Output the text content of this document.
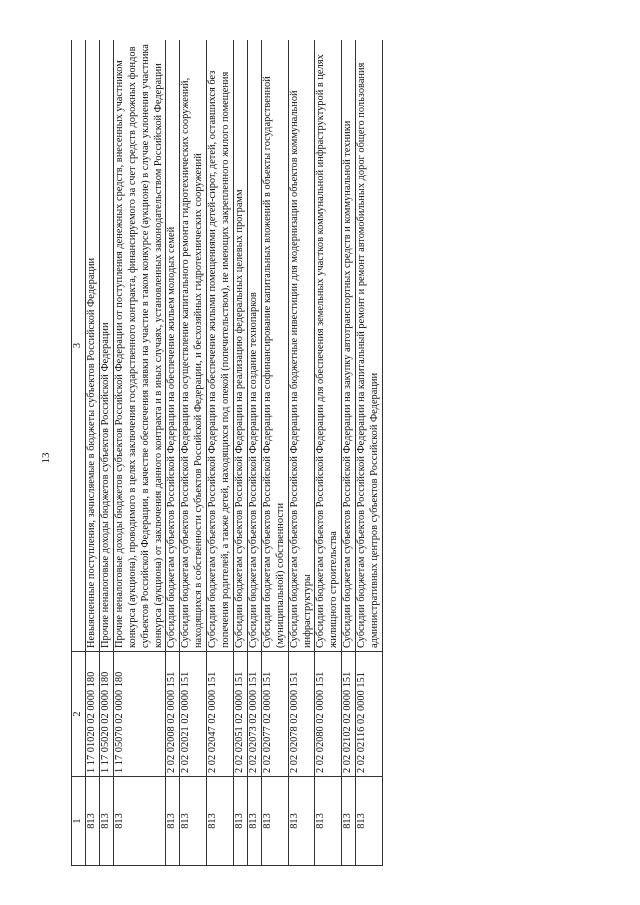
13
1	2	3
813	1 17 01020 02 0000 180	Невыясненные поступления, зачисляемые в бюджеты субъектов Российской Федерации
813	1 17 05020 02 0000 180	Прочие неналоговые доходы бюджетов субъектов Российской Федерации
813	1 17 05070 02 0000 180	Прочие неналоговые доходы бюджетов субъектов Российской Федерации от поступления денежных средств, внесенных участником конкурса (аукциона), проводимого в целях заключения государственного контракта, финансируемого за счет средств дорожных фондов субъектов Российской Федерации, в качестве обеспечения заявки на участие в таком конкурсе (аукционе) в случае уклонения участника конкурса (аукциона) от заключения данного контракта и в иных случаях, установленных законодательством Российской Федерации
813	2 02 02008 02 0000 151	Субсидии бюджетам субъектов Российской Федерации на обеспечение жильем молодых семей
813	2 02 02021 02 0000 151	Субсидии бюджетам субъектов Российской Федерации на осуществление капитального ремонта гидротехнических сооружений, находящихся в собственности субъектов Российской Федерации, и бесхозяйных гидротехнических сооружений
813	2 02 02047 02 0000 151	Субсидии бюджетам субъектов Российской Федерации на обеспечение жилыми помещениями детей-сирот, детей, оставшихся без попечения родителей, а также детей, находящихся под опекой (попечительством), не имеющих закрепленного жилого помещения
813	2 02 02051 02 0000 151	Субсидии бюджетам субъектов Российской Федерации на реализацию федеральных целевых программ
813	2 02 02073 02 0000 151	Субсидии бюджетам субъектов Российской Федерации на создание технопарков
813	2 02 02077 02 0000 151	Субсидии бюджетам субъектов Российской Федерации на софинансирование капитальных вложений в объекты государственной (муниципальной) собственности
813	2 02 02078 02 0000 151	Субсидии бюджетам субъектов Российской Федерации на бюджетные инвестиции для модернизации объектов коммунальной инфраструктуры
813	2 02 02080 02 0000 151	Субсидии бюджетам субъектов Российской Федерации для обеспечения земельных участков коммунальной инфраструктурой в целях жилищного строительства
813	2 02 02102 02 0000 151	Субсидии бюджетам субъектов Российской Федерации на закупку автотранспортных средств и коммунальной техники
813	2 02 02116 02 0000 151	Субсидии бюджетам субъектов Российской Федерации на капитальный ремонт и ремонт автомобильных дорог общего пользования административных центров субъектов Российской Федерации
